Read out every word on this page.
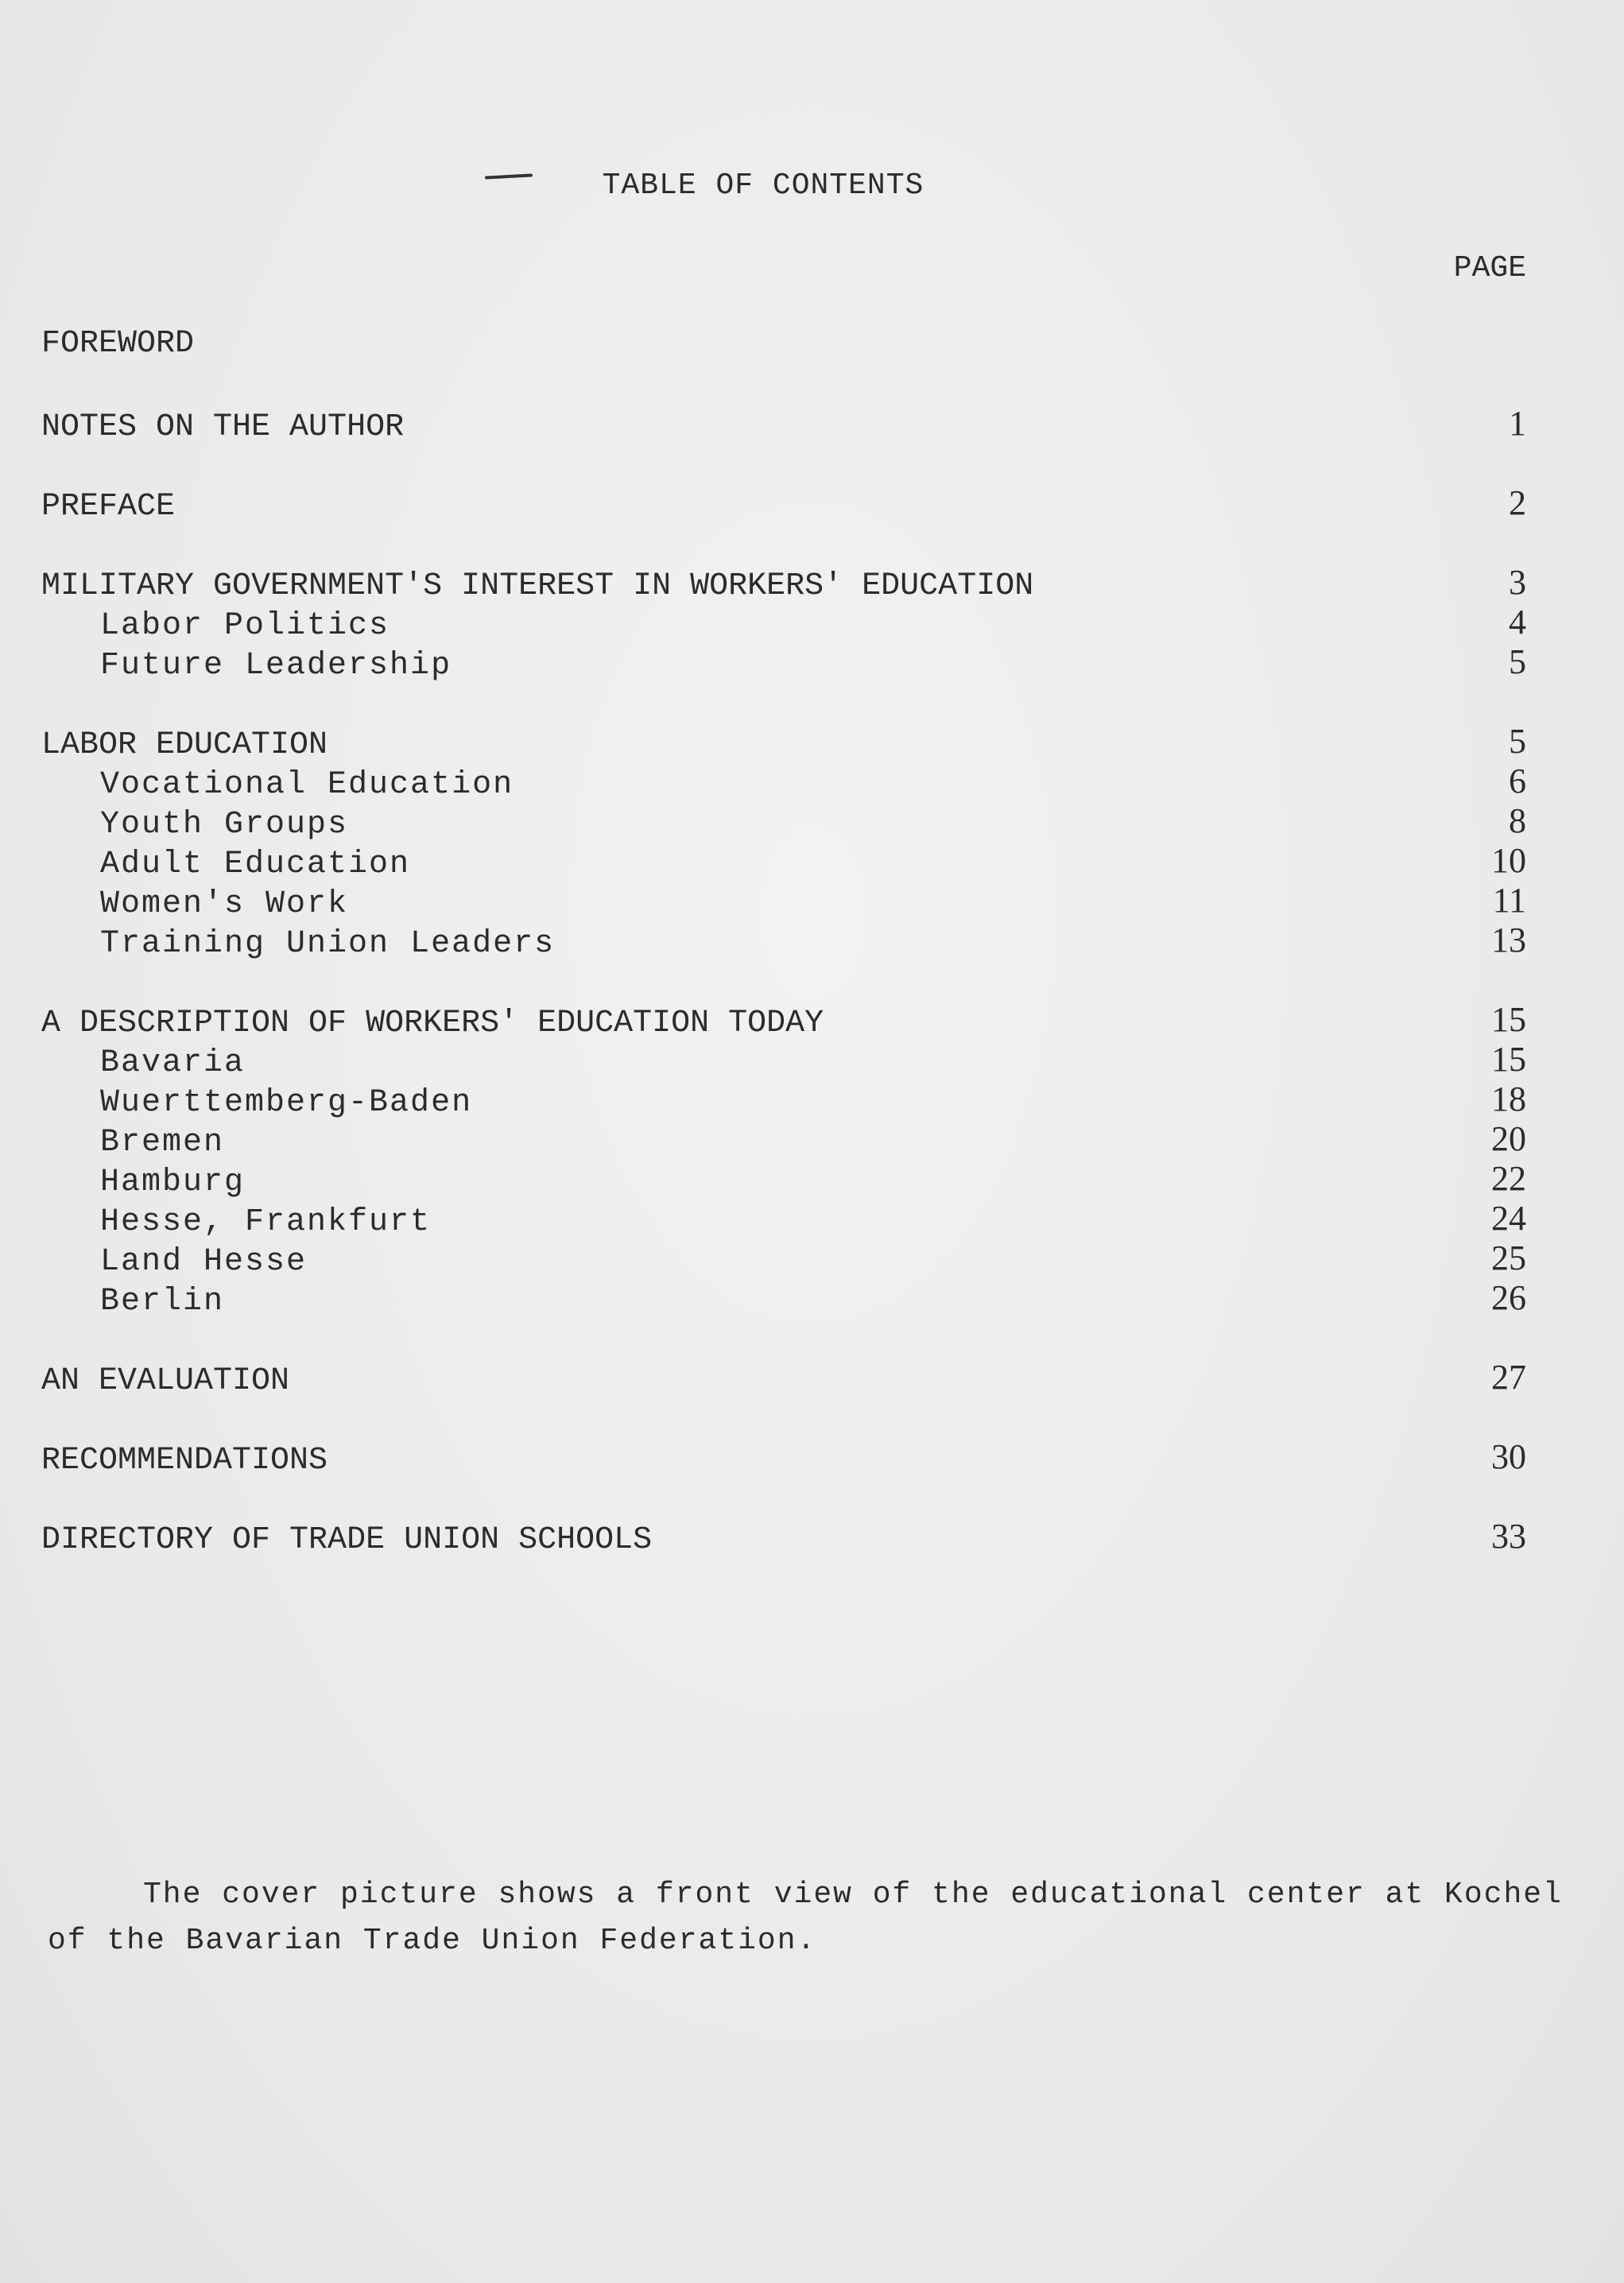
TABLE OF CONTENTS
PAGE
FOREWORD
NOTES ON THE AUTHOR	1
PREFACE	2
MILITARY GOVERNMENT'S INTEREST IN WORKERS' EDUCATION	3
Labor Politics	4
Future Leadership	5
LABOR EDUCATION	5
Vocational Education	6
Youth Groups	8
Adult Education	10
Women's Work	11
Training Union Leaders	13
A DESCRIPTION OF WORKERS' EDUCATION TODAY	15
Bavaria	15
Wuerttemberg-Baden	18
Bremen	20
Hamburg	22
Hesse, Frankfurt	24
Land Hesse	25
Berlin	26
AN EVALUATION	27
RECOMMENDATIONS	30
DIRECTORY OF TRADE UNION SCHOOLS	33
The cover picture shows a front view of the educational center at Kochel
of the Bavarian Trade Union Federation.
